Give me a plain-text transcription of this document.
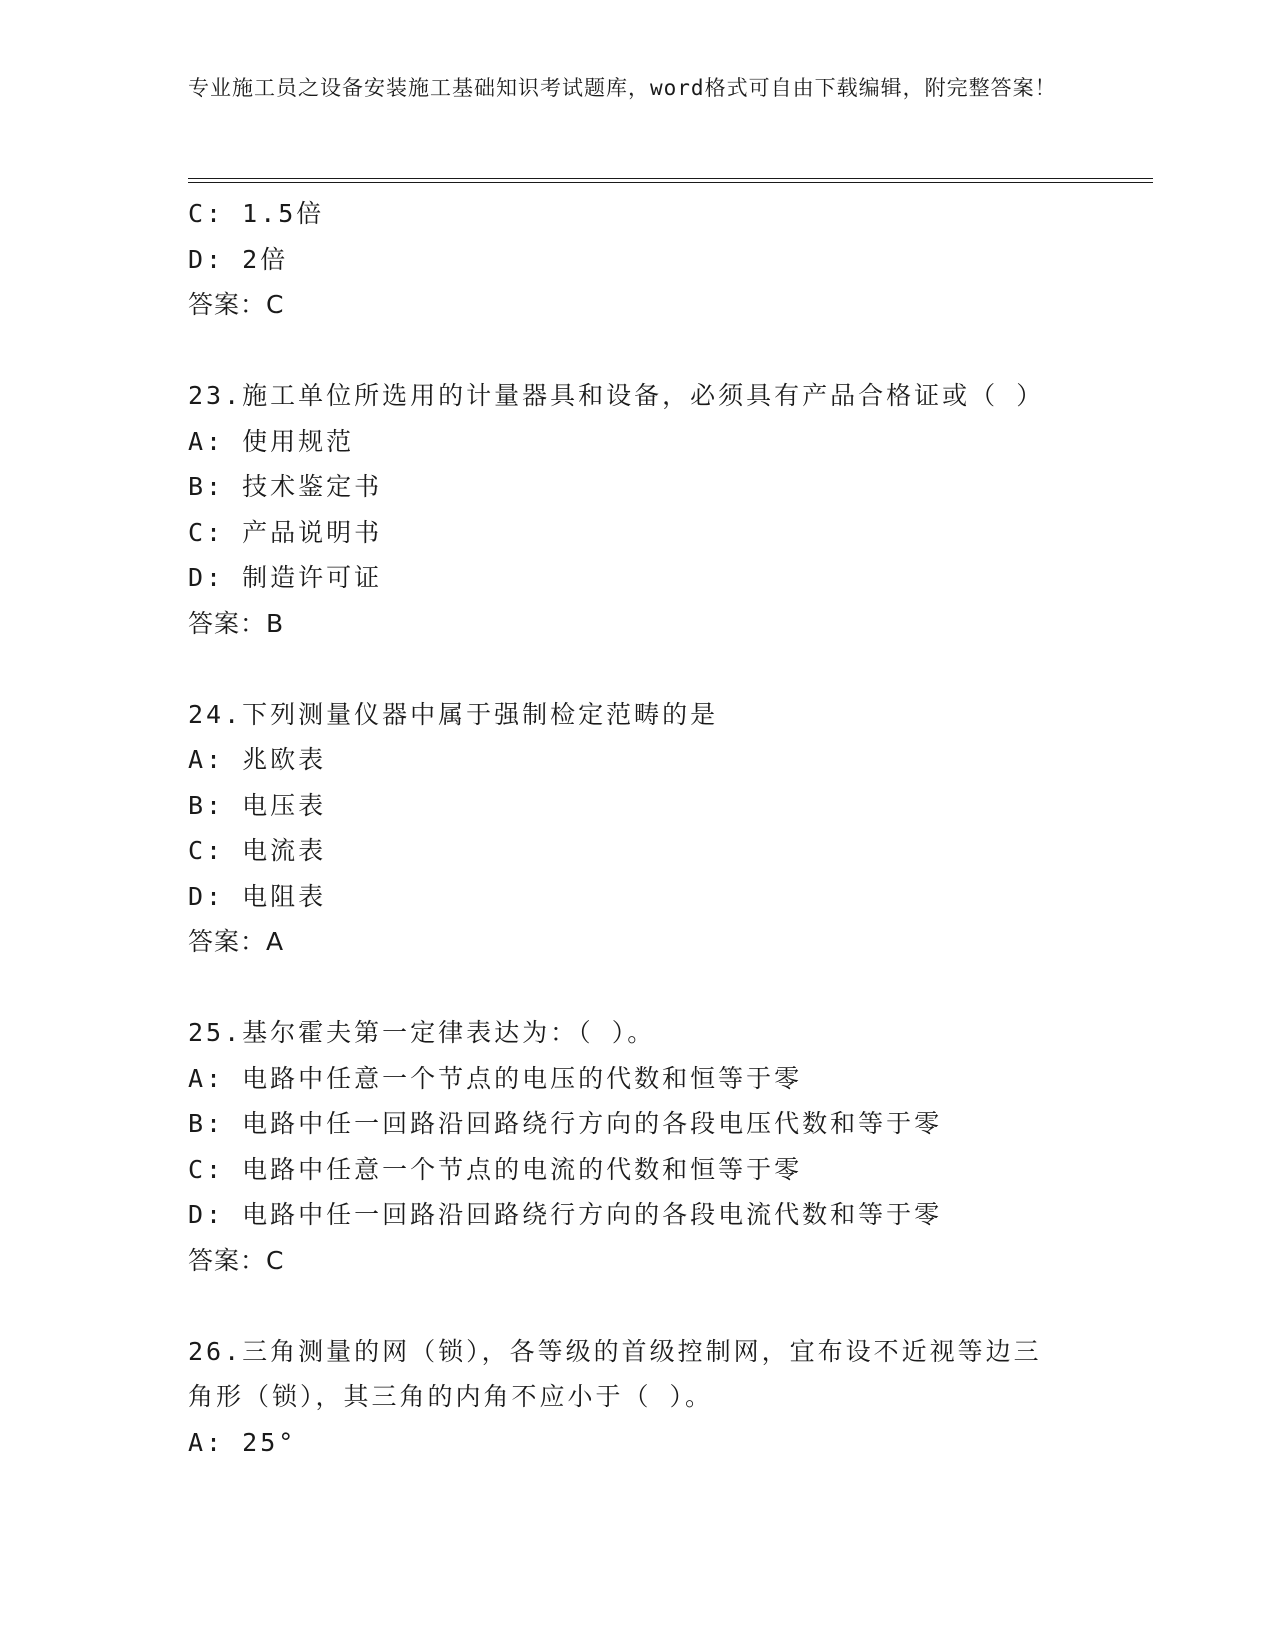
专业施工员之设备安装施工基础知识考试题库，word格式可自由下载编辑，附完整答案！
C: 1.5倍
D: 2倍
答案：C
23.施工单位所选用的计量器具和设备，必须具有产品合格证或（ ）
A: 使用规范
B: 技术鉴定书
C: 产品说明书
D: 制造许可证
答案：B
24.下列测量仪器中属于强制检定范畴的是
A: 兆欧表
B: 电压表
C: 电流表
D: 电阻表
答案：A
25.基尔霍夫第一定律表达为：（ ）。
A: 电路中任意一个节点的电压的代数和恒等于零
B: 电路中任一回路沿回路绕行方向的各段电压代数和等于零
C: 电路中任意一个节点的电流的代数和恒等于零
D: 电路中任一回路沿回路绕行方向的各段电流代数和等于零
答案：C
26.三角测量的网（锁），各等级的首级控制网，宜布设不近视等边三角形（锁），其三角的内角不应小于（ ）。
A: 25°
